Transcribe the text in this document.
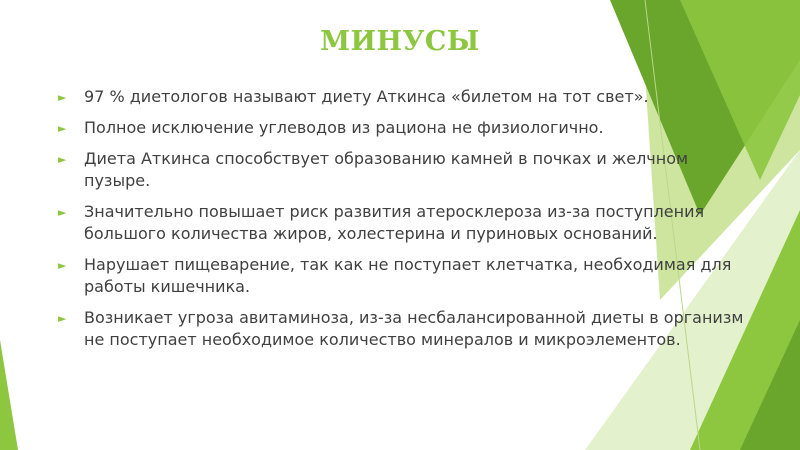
МИНУСЫ
► 97 % диетологов называют диету Аткинса «билетом на тот свет».
► Полное исключение углеводов из рациона не физиологично.
► Диета Аткинса способствует образованию камней в почках и желчном пузыре.
► Значительно повышает риск развития атеросклероза из-за поступления большого количества жиров, холестерина и пуриновых оснований.
► Нарушает пищеварение, так как не поступает клетчатка, необходимая для работы кишечника.
► Возникает угроза авитаминоза, из-за несбалансированной диеты в организм не поступает необходимое количество минералов и микроэлементов.
